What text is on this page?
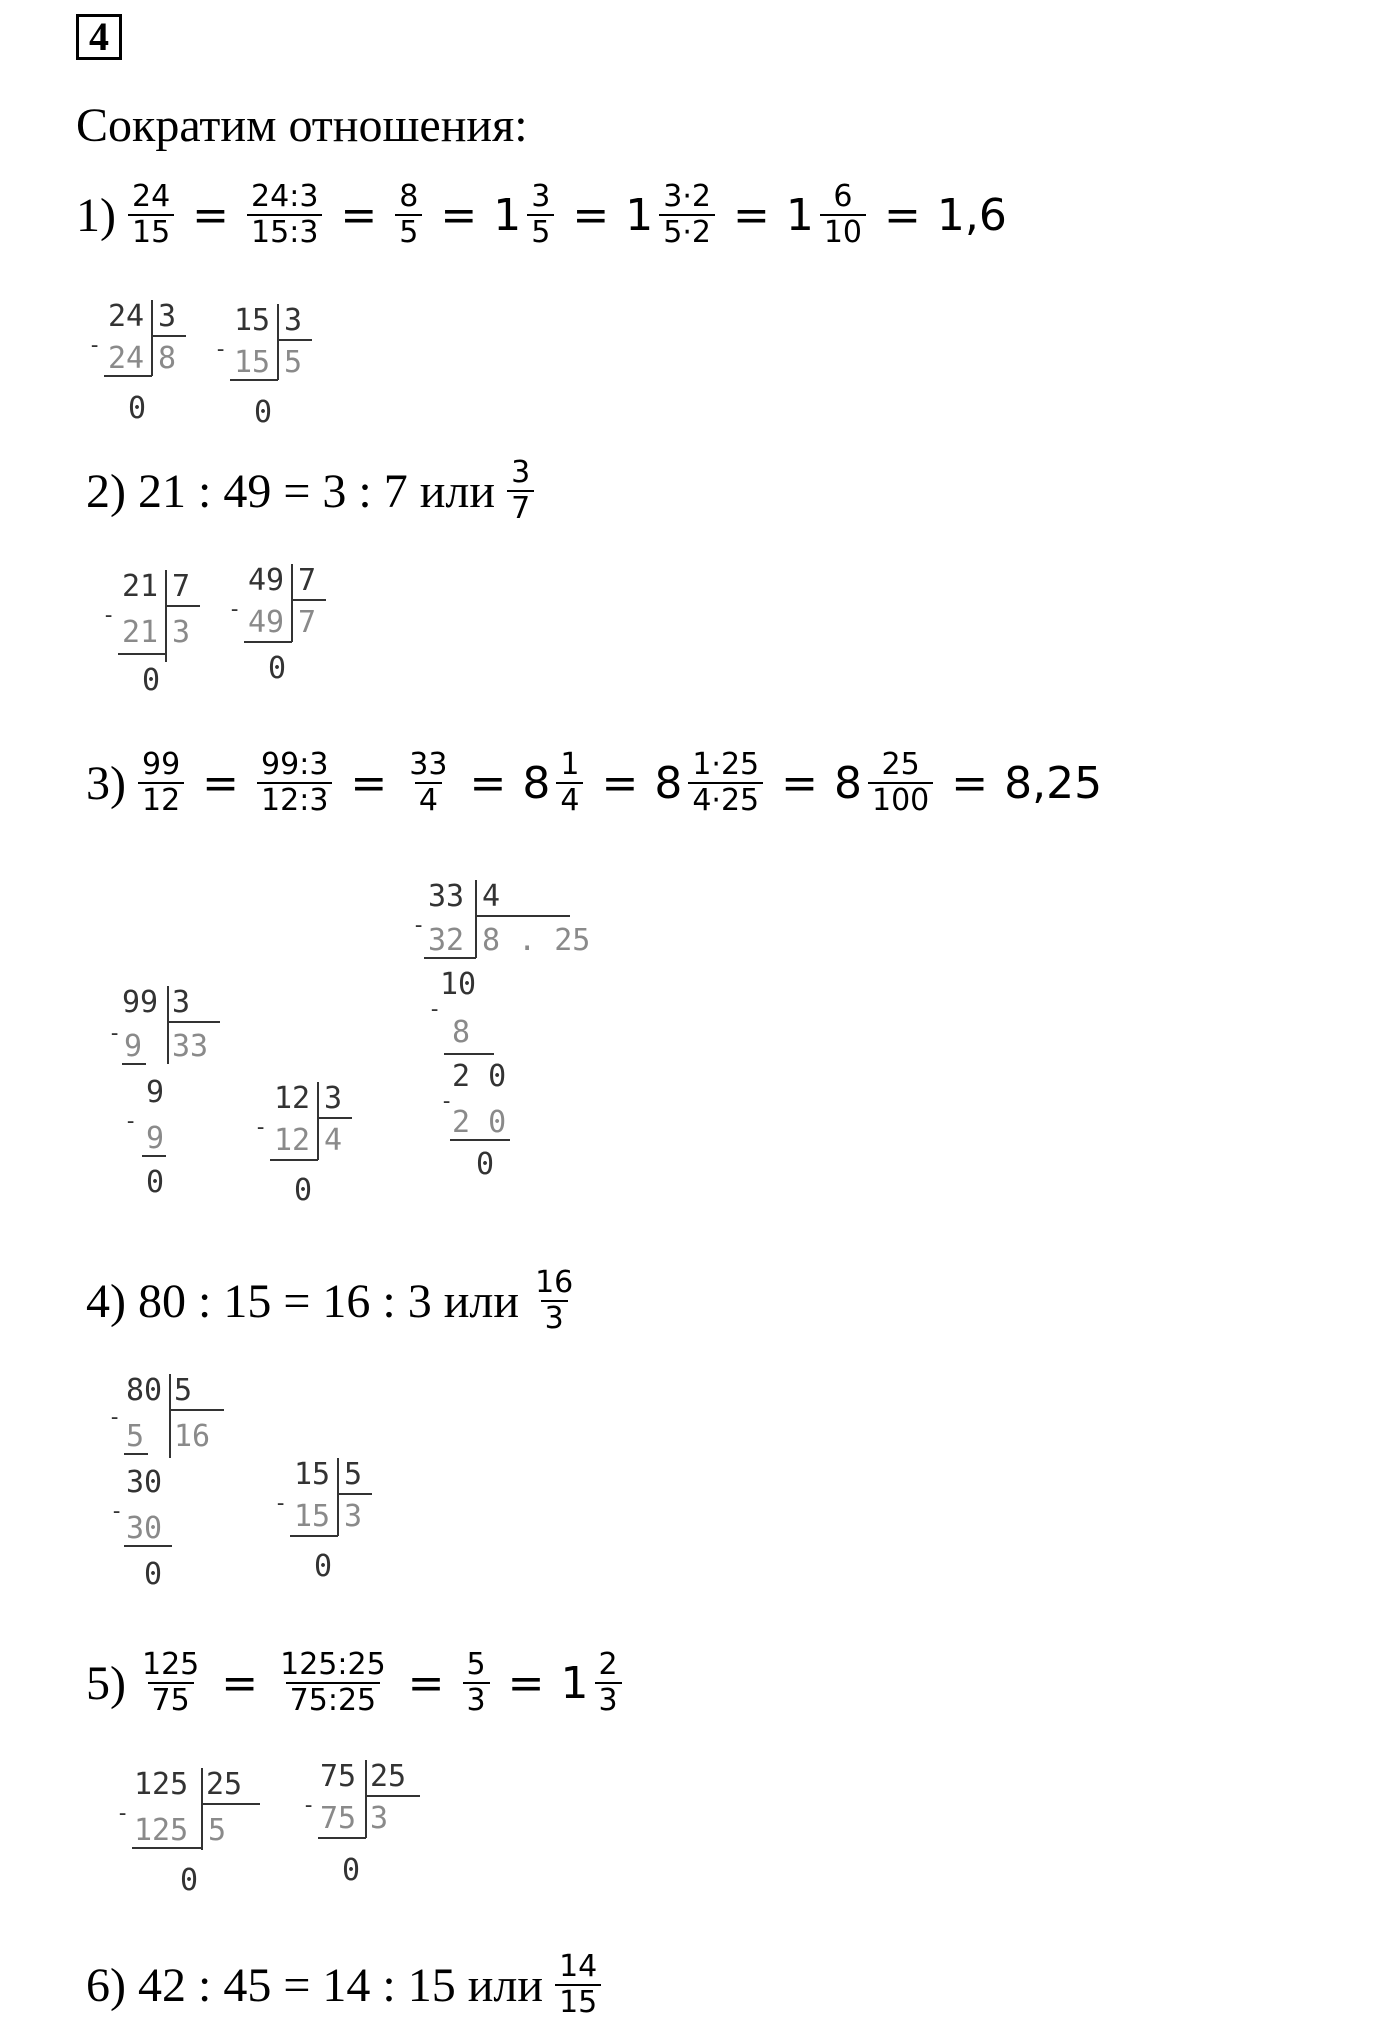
4
Сократим отношения:
$1) \frac{24}{15} = \frac{24:3}{15:3} = \frac{8}{5} = 1 \frac{3}{5} = 1 \frac{3\cdot 2}{5\cdot 2} = 1 \frac{6}{10} = 1,6$
24 3
- 24 8
0
15 3
- 15 5
0
2) 21 : 49 = 3 : 7 или $\frac{3}{7}$
21 7
- 21 3
0
49 7
- 49 7
0
$3) \frac{99}{12} = \frac{99:3}{12:3} = \frac{33}{4} = 8 \frac{1}{4} = 8 \frac{1\cdot 25}{4\cdot 25} = 8 \frac{25}{100} = 8,25$
99 3
- 9 33
9
- 9
0
12 3
- 12 4
0
33 4
- 32 8 . 25
10
-
8
2 0
-
2 0
0
4) 80 : 15 = 16 : 3 или $\frac{16}{3}$
80 5
-
5 16
30
- 30
0
15 5
- 15 3
0
$5) \frac{125}{75} = \frac{125:25}{75:25} = \frac{5}{3} = 1 \frac{2}{3}$
125 25
- 125 5
0
75 25
- 75 3
0
6) 42 : 45 = 14 : 15 или $\frac{14}{15}$
